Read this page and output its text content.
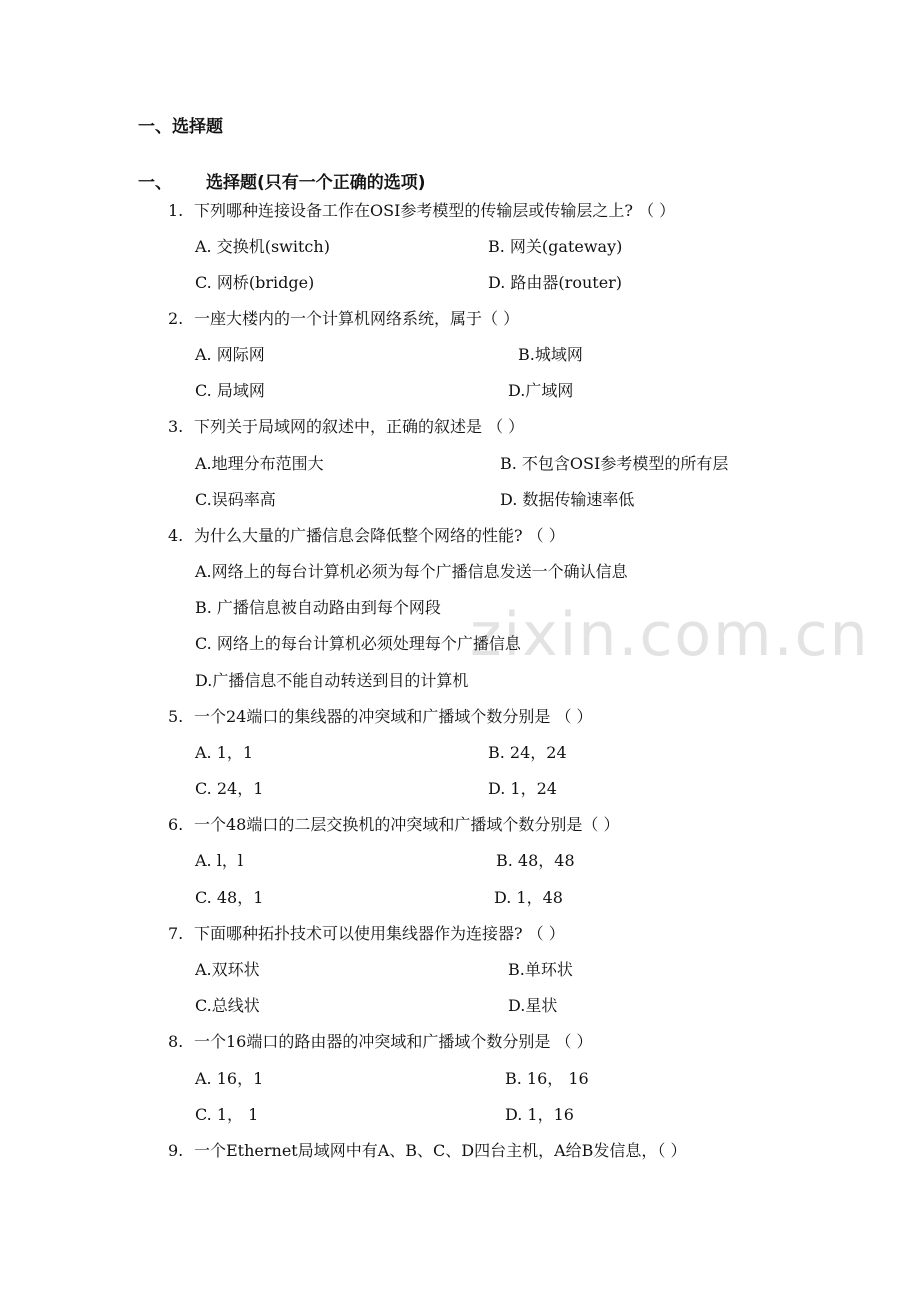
zixin.com.cn
一、选择题
一、 选择题(只有一个正确的选项)
1. 下列哪种连接设备工作在OSI参考模型的传输层或传输层之上? （ ）
A. 交换机(switch)	B. 网关(gateway)
C. 网桥(bridge)	D. 路由器(router)
2. 一座大楼内的一个计算机网络系统，属于（ ）
A. 网际网	B.城域网
C. 局域网	D.广域网
3. 下列关于局域网的叙述中，正确的叙述是 （ ）
A.地理分布范围大	B. 不包含OSI参考模型的所有层
C.误码率高	D. 数据传输速率低
4. 为什么大量的广播信息会降低整个网络的性能? （ ）
A.网络上的每台计算机必须为每个广播信息发送一个确认信息
B. 广播信息被自动路由到每个网段
C. 网络上的每台计算机必须处理每个广播信息
D.广播信息不能自动转送到目的计算机
5. 一个24端口的集线器的冲突域和广播域个数分别是 （ ）
A. 1，1	B. 24，24
C. 24，1	D. 1，24
6. 一个48端口的二层交换机的冲突域和广播域个数分别是（ ）
A. l，l	B. 48，48
C. 48，1	D. 1，48
7. 下面哪种拓扑技术可以使用集线器作为连接器? （ ）
A.双环状	B.单环状
C.总线状	D.星状
8. 一个16端口的路由器的冲突域和广播域个数分别是 （ ）
A. 16，1	B. 16， 16
C. 1， 1	D. 1，16
9. 一个Ethernet局域网中有A、B、C、D四台主机，A给B发信息，（ ）
